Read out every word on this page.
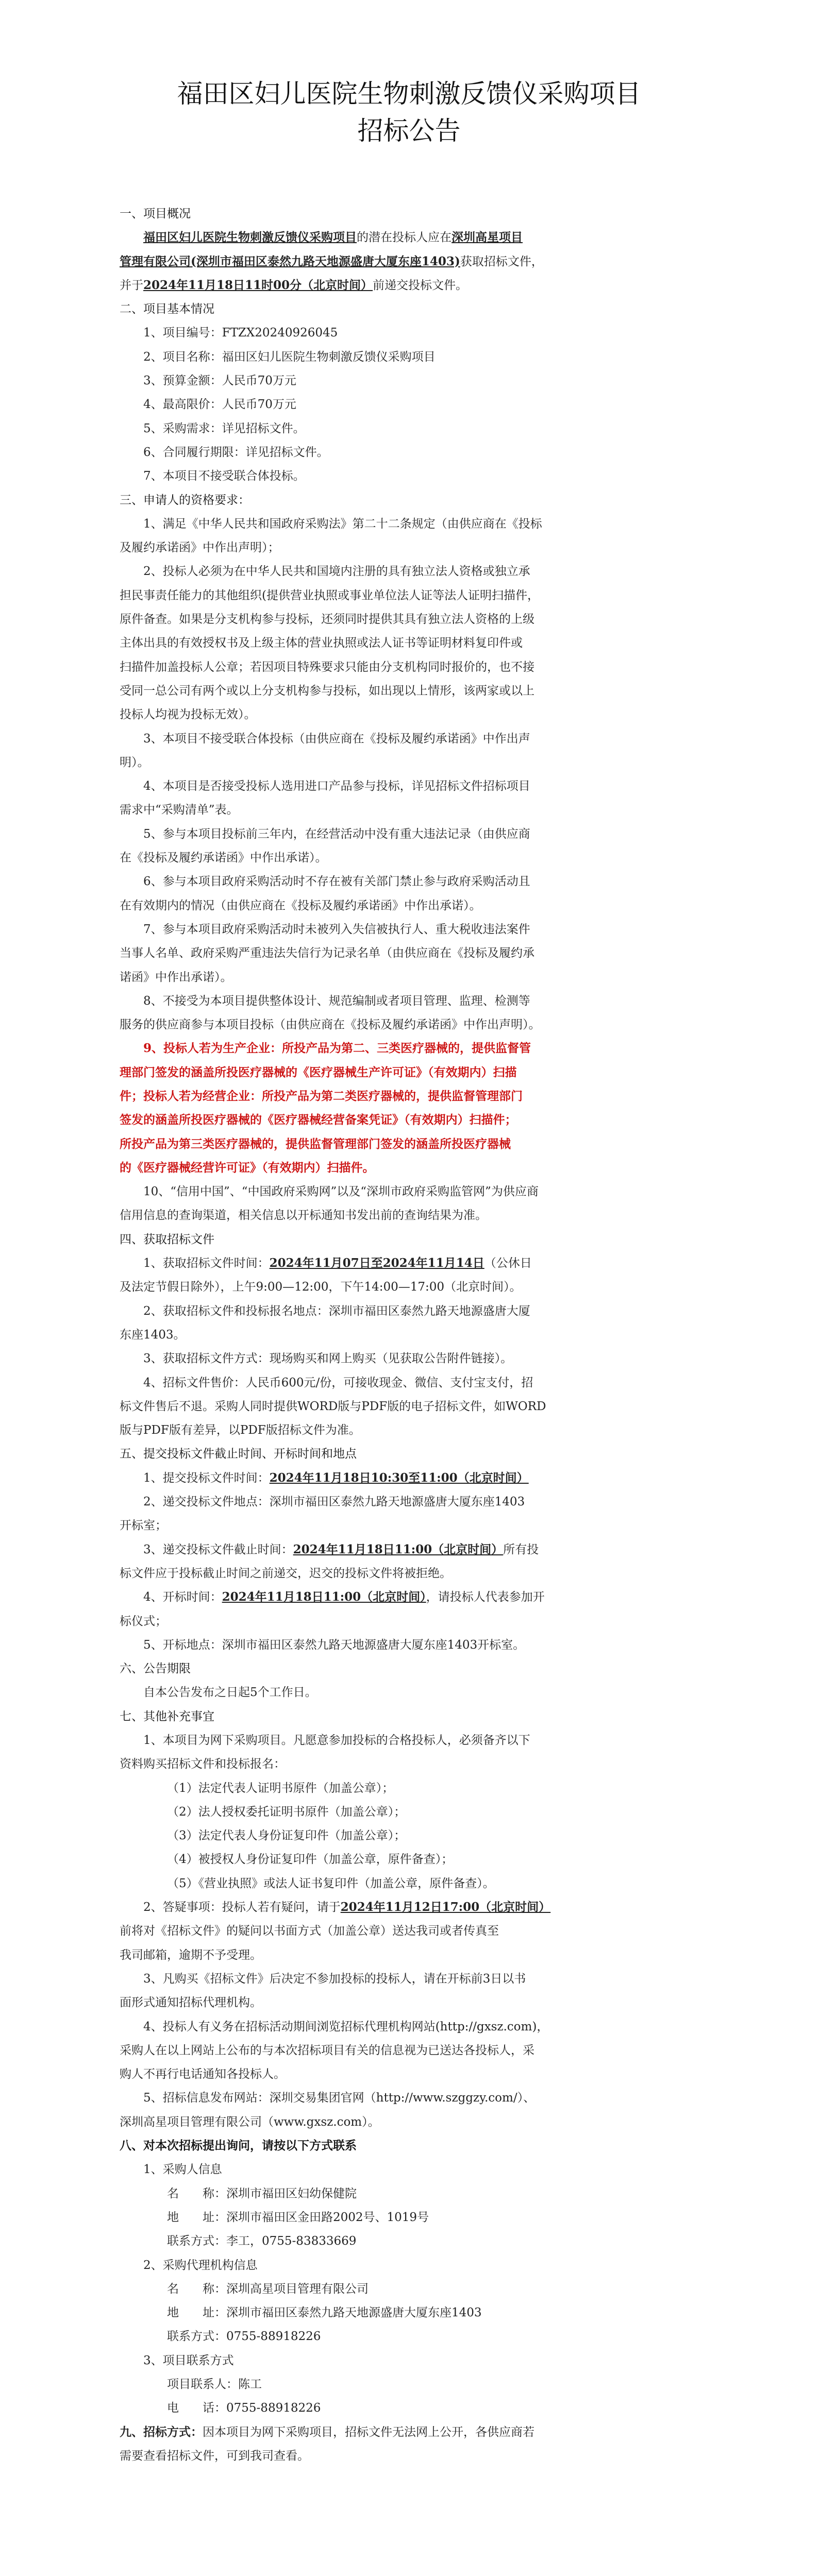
福田区妇儿医院生物刺激反馈仪采购项目
招标公告

一、项目概况

福田区妇儿医院生物刺激反馈仪采购项目的潜在投标人应在深圳高星项目

管理有限公司(深圳市福田区泰然九路天地源盛唐大厦东座1403)获取招标文件，

并于2024年11月18日11时00分（北京时间）前递交投标文件。

二、项目基本情况

1、项目编号：FTZX20240926045

2、项目名称：福田区妇儿医院生物刺激反馈仪采购项目

3、预算金额：人民币70万元

4、最高限价：人民币70万元

5、采购需求：详见招标文件。

6、合同履行期限：详见招标文件。

7、本项目不接受联合体投标。

三、申请人的资格要求：

1、满足《中华人民共和国政府采购法》第二十二条规定（由供应商在《投标

及履约承诺函》中作出声明）；

2、投标人必须为在中华人民共和国境内注册的具有独立法人资格或独立承

担民事责任能力的其他组织(提供营业执照或事业单位法人证等法人证明扫描件，

原件备查。如果是分支机构参与投标，还须同时提供其具有独立法人资格的上级

主体出具的有效授权书及上级主体的营业执照或法人证书等证明材料复印件或

扫描件加盖投标人公章；若因项目特殊要求只能由分支机构同时报价的，也不接

受同一总公司有两个或以上分支机构参与投标，如出现以上情形，该两家或以上

投标人均视为投标无效）。

3、本项目不接受联合体投标（由供应商在《投标及履约承诺函》中作出声

明）。

4、本项目是否接受投标人选用进口产品参与投标，详见招标文件招标项目

需求中“采购清单”表。

5、参与本项目投标前三年内，在经营活动中没有重大违法记录（由供应商

在《投标及履约承诺函》中作出承诺）。

6、参与本项目政府采购活动时不存在被有关部门禁止参与政府采购活动且

在有效期内的情况（由供应商在《投标及履约承诺函》中作出承诺）。

7、参与本项目政府采购活动时未被列入失信被执行人、重大税收违法案件

当事人名单、政府采购严重违法失信行为记录名单（由供应商在《投标及履约承

诺函》中作出承诺）。

8、不接受为本项目提供整体设计、规范编制或者项目管理、监理、检测等

服务的供应商参与本项目投标（由供应商在《投标及履约承诺函》中作出声明）。

9、投标人若为生产企业：所投产品为第二、三类医疗器械的，提供监督管

理部门签发的涵盖所投医疗器械的《医疗器械生产许可证》（有效期内）扫描

件；投标人若为经营企业：所投产品为第二类医疗器械的，提供监督管理部门

签发的涵盖所投医疗器械的《医疗器械经营备案凭证》（有效期内）扫描件；

所投产品为第三类医疗器械的，提供监督管理部门签发的涵盖所投医疗器械

的《医疗器械经营许可证》（有效期内）扫描件。

10、“信用中国”、“中国政府采购网”以及“深圳市政府采购监管网”为供应商

信用信息的查询渠道，相关信息以开标通知书发出前的查询结果为准。

四、获取招标文件

1、获取招标文件时间：2024年11月07日至2024年11月14日（公休日

及法定节假日除外），上午9:00—12:00，下午14:00—17:00（北京时间）。

2、获取招标文件和投标报名地点：深圳市福田区泰然九路天地源盛唐大厦

东座1403。

3、获取招标文件方式：现场购买和网上购买（见获取公告附件链接）。

4、招标文件售价：人民币600元/份，可接收现金、微信、支付宝支付，招

标文件售后不退。采购人同时提供WORD版与PDF版的电子招标文件，如WORD

版与PDF版有差异，以PDF版招标文件为准。

五、提交投标文件截止时间、开标时间和地点

1、提交投标文件时间：2024年11月18日10:30至11:00（北京时间）

2、递交投标文件地点：深圳市福田区泰然九路天地源盛唐大厦东座1403

开标室；

3、递交投标文件截止时间：2024年11月18日11:00（北京时间）所有投

标文件应于投标截止时间之前递交，迟交的投标文件将被拒绝。

4、开标时间：2024年11月18日11:00（北京时间），请投标人代表参加开

标仪式；

5、开标地点：深圳市福田区泰然九路天地源盛唐大厦东座1403开标室。

六、公告期限

自本公告发布之日起5个工作日。

七、其他补充事宜

1、本项目为网下采购项目。凡愿意参加投标的合格投标人，必须备齐以下

资料购买招标文件和投标报名：

（1）法定代表人证明书原件（加盖公章）；

（2）法人授权委托证明书原件（加盖公章）；

（3）法定代表人身份证复印件（加盖公章）；

（4）被授权人身份证复印件（加盖公章，原件备查）；

（5）《营业执照》或法人证书复印件（加盖公章，原件备查）。

2、答疑事项：投标人若有疑问，请于2024年11月12日17:00（北京时间）

前将对《招标文件》的疑问以书面方式（加盖公章）送达我司或者传真至

我司邮箱，逾期不予受理。

3、凡购买《招标文件》后决定不参加投标的投标人，请在开标前3日以书

面形式通知招标代理机构。

4、投标人有义务在招标活动期间浏览招标代理机构网站(http://gxsz.com)，

采购人在以上网站上公布的与本次招标项目有关的信息视为已送达各投标人，采

购人不再行电话通知各投标人。

5、招标信息发布网站：深圳交易集团官网（http://www.szggzy.com/）、

深圳高星项目管理有限公司（www.gxsz.com）。

八、对本次招标提出询问，请按以下方式联系

1、采购人信息

名　　称：深圳市福田区妇幼保健院

地　　址：深圳市福田区金田路2002号、1019号

联系方式：李工，0755-83833669

2、采购代理机构信息

名　　称：深圳高星项目管理有限公司

地　　址：深圳市福田区泰然九路天地源盛唐大厦东座1403

联系方式：0755-88918226

3、项目联系方式

项目联系人：陈工

电　　话：0755-88918226

九、招标方式：因本项目为网下采购项目，招标文件无法网上公开，各供应商若

需要查看招标文件，可到我司查看。
